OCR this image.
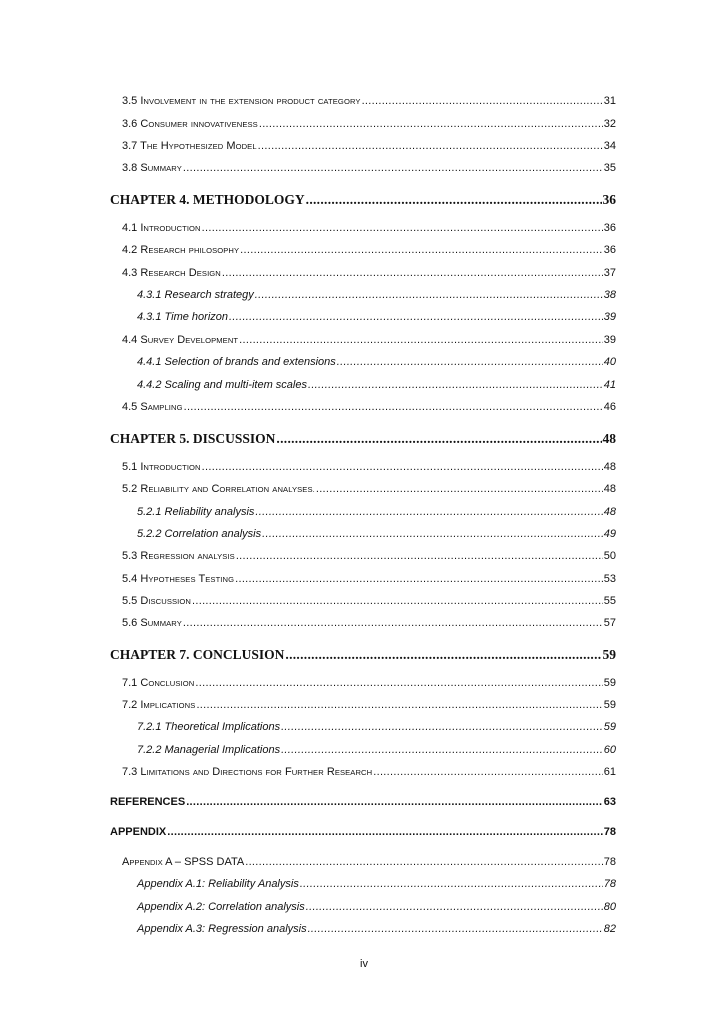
3.5 INVOLVEMENT IN THE EXTENSION PRODUCT CATEGORY .....	31
3.6 CONSUMER INNOVATIVENESS .....	32
3.7 THE HYPOTHESIZED MODEL .....	34
3.8 SUMMARY .....	35
CHAPTER 4. METHODOLOGY .....	36
4.1 INTRODUCTION .....	36
4.2 RESEARCH PHILOSOPHY .....	36
4.3 RESEARCH DESIGN .....	37
4.3.1 Research strategy .....	38
4.3.1 Time horizon .....	39
4.4 SURVEY DEVELOPMENT .....	39
4.4.1 Selection of brands and extensions .....	40
4.4.2 Scaling and multi-item scales .....	41
4.5 SAMPLING .....	46
CHAPTER 5. DISCUSSION .....	48
5.1 INTRODUCTION .....	48
5.2 RELIABILITY AND CORRELATION ANALYSES. .....	48
5.2.1 Reliability analysis .....	48
5.2.2 Correlation analysis .....	49
5.3 REGRESSION ANALYSIS .....	50
5.4 HYPOTHESES TESTING .....	53
5.5 DISCUSSION .....	55
5.6 SUMMARY .....	57
CHAPTER 7. CONCLUSION .....	59
7.1 CONCLUSION .....	59
7.2 IMPLICATIONS .....	59
7.2.1 Theoretical Implications .....	59
7.2.2 Managerial Implications .....	60
7.3 LIMITATIONS AND DIRECTIONS FOR FURTHER RESEARCH .....	61
REFERENCES .....	63
APPENDIX .....	78
APPENDIX A – SPSS DATA .....	78
Appendix A.1: Reliability Analysis .....	78
Appendix A.2: Correlation analysis .....	80
Appendix A.3: Regression analysis .....	82
iv
